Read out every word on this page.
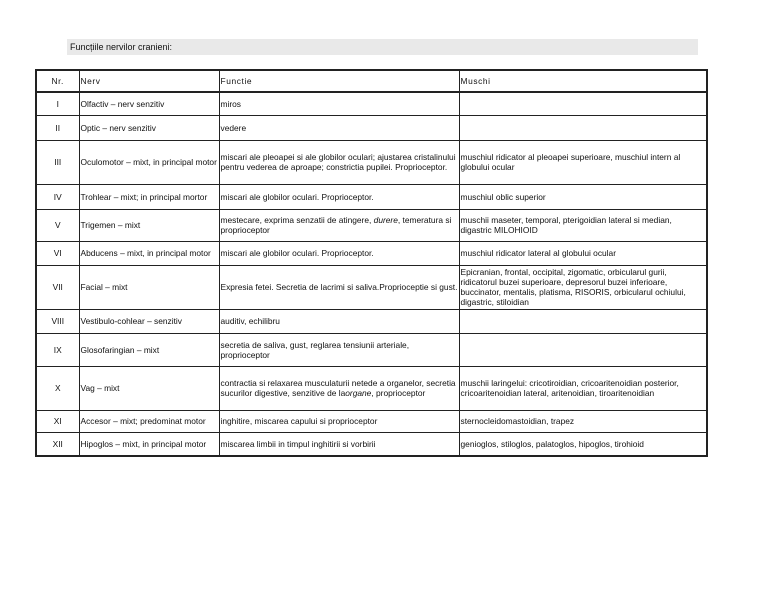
Funcțiile nervilor cranieni:
Nr.	Nerv	Functie	Muschi
I	Olfactiv – nerv senzitiv	miros	
II	Optic – nerv senzitiv	vedere	
III	Oculomotor – mixt, in principal motor	miscari ale pleoapei si ale globilor oculari; ajustarea cristalinului pentru vederea de aproape; constrictia pupilei. Proprioceptor.	muschiul ridicator al pleoapei superioare, muschiul intern al globului ocular
IV	Trohlear – mixt; in principal mortor	miscari ale globilor oculari. Proprioceptor.	muschiul oblic superior
V	Trigemen – mixt	mestecare, exprima senzatii de atingere, durere, temeratura si proprioceptor	muschii maseter, temporal, pterigoidian lateral si median, digastric MILOHIOID
VI	Abducens – mixt, in principal motor	miscari ale globilor oculari. Proprioceptor.	muschiul ridicator lateral al globului ocular
VII	Facial – mixt	Expresia fetei. Secretia de lacrimi si saliva.Proprioceptie si gust.	Epicranian, frontal, occipital, zigomatic, orbicularul gurii, ridicatorul buzei superioare, depresorul buzei inferioare, buccinator, mentalis, platisma, RISORIS, orbicularul ochiului, digastric, stiloidian
VIII	Vestibulo-cohlear – senzitiv	auditiv, echilibru	
IX	Glosofaringian – mixt	secretia de saliva, gust, reglarea tensiunii arteriale, proprioceptor	
X	Vag – mixt	contractia si relaxarea musculaturii netede a organelor, secretia sucurilor digestive, senzitive de laorgane, proprioceptor	muschii laringelui: cricotiroidian, cricoaritenoidian posterior, cricoaritenoidian lateral, aritenoidian, tiroaritenoidian
XI	Accesor – mixt; predominat motor	inghitire, miscarea capului si proprioceptor	sternocleidomastoidian, trapez
XII	Hipoglos – mixt, in principal motor	miscarea limbii in timpul inghitirii si vorbirii	genioglos, stiloglos, palatoglos, hipoglos, tirohioid
